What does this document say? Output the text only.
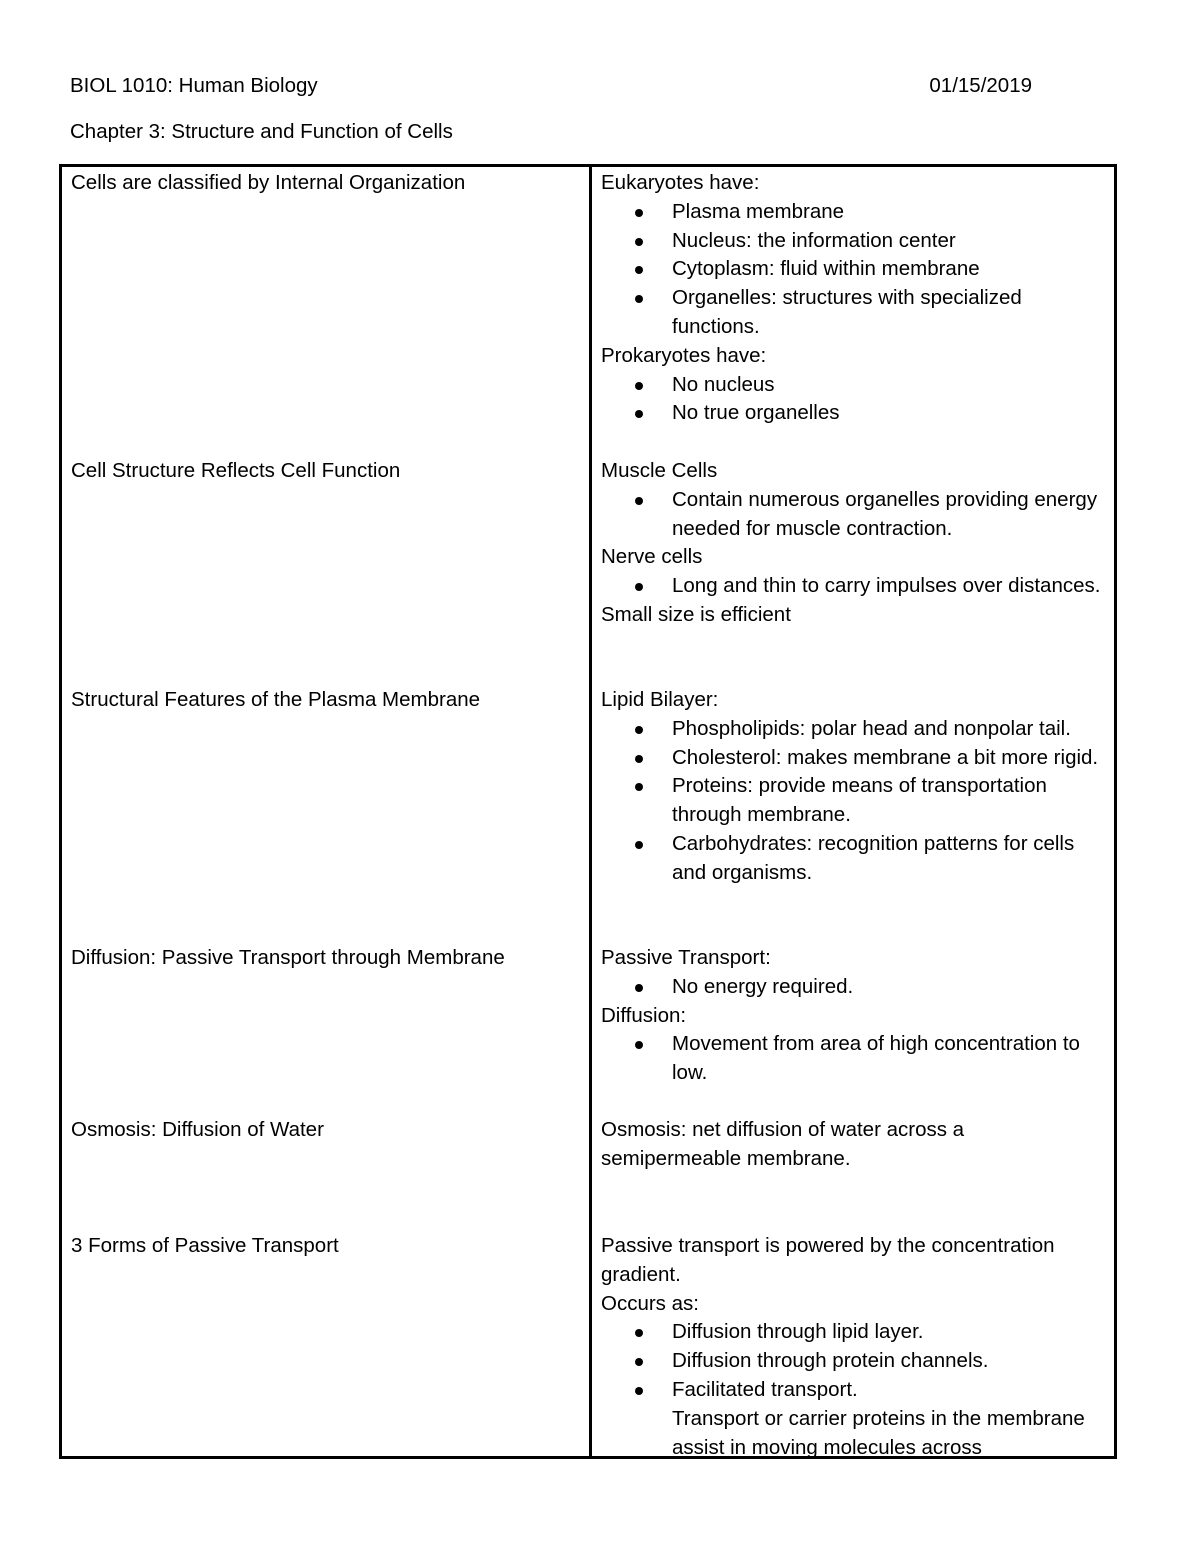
BIOL 1010: Human Biology	01/15/2019
Chapter 3: Structure and Function of Cells
Cells are classified by Internal Organization
Cell Structure Reflects Cell Function
Structural Features of the Plasma Membrane
Diffusion: Passive Transport through Membrane
Osmosis: Diffusion of Water
3 Forms of Passive Transport

Eukaryotes have:

Plasma membrane
Nucleus: the information center
Cytoplasm: fluid within membrane
Organelles: structures with specialized functions.

Prokaryotes have:

No nucleus
No true organelles

Muscle Cells

Contain numerous organelles providing energy needed for muscle contraction.

Nerve cells

Long and thin to carry impulses over distances.

Small size is efficient

Lipid Bilayer:

Phospholipids: polar head and nonpolar tail.
Cholesterol: makes membrane a bit more rigid.
Proteins: provide means of transportation through membrane.
Carbohydrates: recognition patterns for cells and organisms.

Passive Transport:

No energy required.

Diffusion:

Movement from area of high concentration to low.

Osmosis: net diffusion of water across a semipermeable membrane.

Passive transport is powered by the concentration gradient.

Occurs as:

Diffusion through lipid layer.
Diffusion through protein channels.
Facilitated transport.
Transport or carrier proteins in the membrane assist in moving molecules across
